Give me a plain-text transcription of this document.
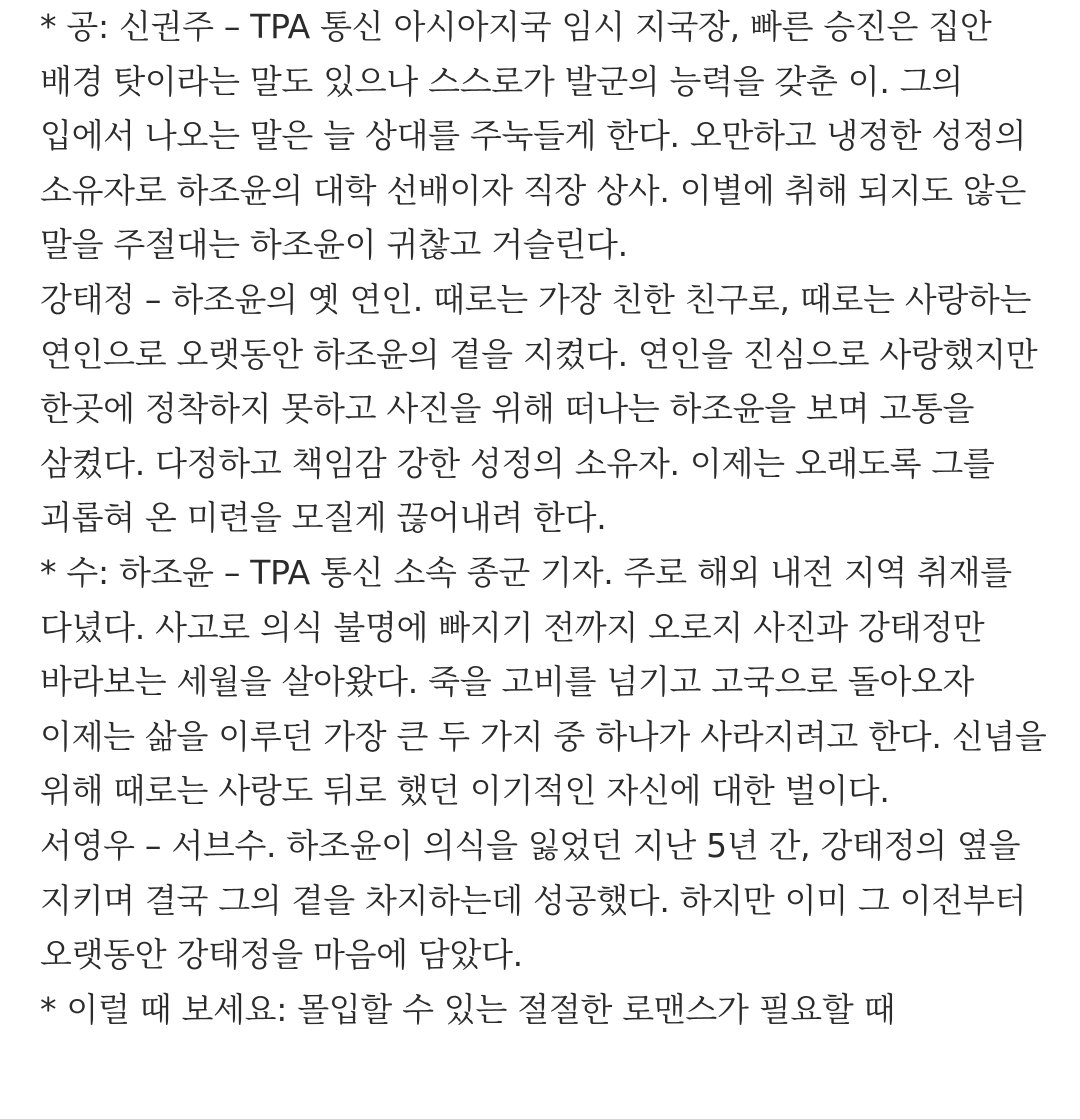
* 공: 신권주 – TPA 통신 아시아지국 임시 지국장, 빠른 승진은 집안
배경 탓이라는 말도 있으나 스스로가 발군의 능력을 갖춘 이. 그의
입에서 나오는 말은 늘 상대를 주눅들게 한다. 오만하고 냉정한 성정의
소유자로 하조윤의 대학 선배이자 직장 상사. 이별에 취해 되지도 않은
말을 주절대는 하조윤이 귀찮고 거슬린다.
강태정 – 하조윤의 옛 연인. 때로는 가장 친한 친구로, 때로는 사랑하는
연인으로 오랫동안 하조윤의 곁을 지켰다. 연인을 진심으로 사랑했지만
한곳에 정착하지 못하고 사진을 위해 떠나는 하조윤을 보며 고통을
삼켰다. 다정하고 책임감 강한 성정의 소유자. 이제는 오래도록 그를
괴롭혀 온 미련을 모질게 끊어내려 한다.
* 수: 하조윤 – TPA 통신 소속 종군 기자. 주로 해외 내전 지역 취재를
다녔다. 사고로 의식 불명에 빠지기 전까지 오로지 사진과 강태정만
바라보는 세월을 살아왔다. 죽을 고비를 넘기고 고국으로 돌아오자
이제는 삶을 이루던 가장 큰 두 가지 중 하나가 사라지려고 한다. 신념을
위해 때로는 사랑도 뒤로 했던 이기적인 자신에 대한 벌이다.
서영우 – 서브수. 하조윤이 의식을 잃었던 지난 5년 간, 강태정의 옆을
지키며 결국 그의 곁을 차지하는데 성공했다. 하지만 이미 그 이전부터
오랫동안 강태정을 마음에 담았다.
* 이럴 때 보세요: 몰입할 수 있는 절절한 로맨스가 필요할 때
